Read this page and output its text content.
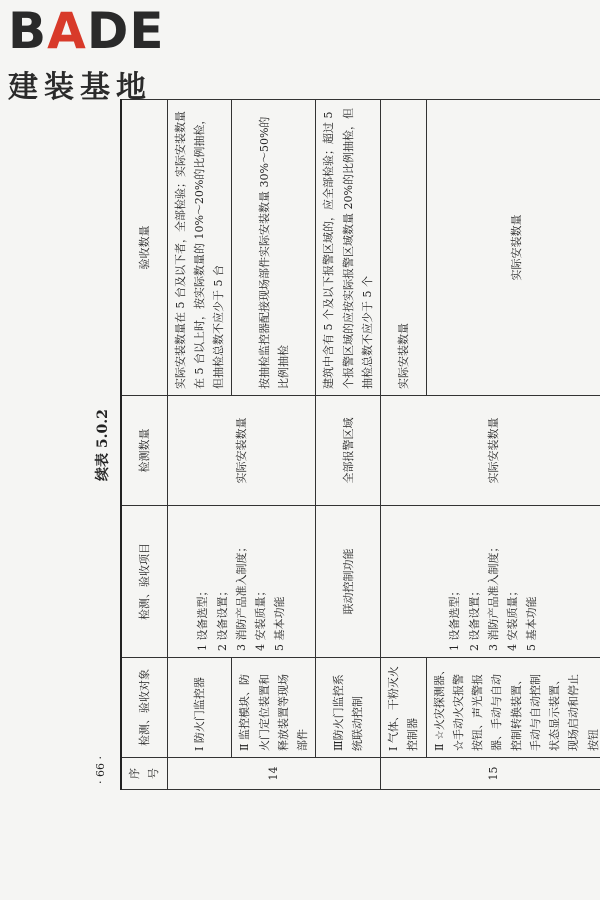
BADE
建装基地
· 66 ·
续表 5.0.2
序号	检测、验收对象	检测、验收项目	检测数量	验收数量
14	Ⅰ 防火门监控器	1 设备选型； 2 设备设置； 3 消防产品准入制度； 4 安装质量； 5 基本功能	实际安装数量	实际安装数量在 5 台及以下者，全部检验；实际安装数量在 5 台以上时，按实际数量的 10%～20%的比例抽检，但抽检总数不应少于 5 台
	Ⅱ 监控模块、防火门定位装置和释放装置等现场部件			按抽检监控器配接现场部件实际安装数量 30%～50%的比例抽检
	Ⅲ防火门监控系统联动控制	联动控制功能	全部报警区域	建筑中含有 5 个及以下报警区域的，应全部检验；超过 5 个报警区域的应按实际报警区域数量 20%的比例抽检，但抽检总数不应少于 5 个
15	Ⅰ 气体、干粉灭火控制器	1 设备选型； 2 设备设置； 3 消防产品准入制度； 4 安装质量； 5 基本功能	实际安装数量	实际安装数量
	Ⅱ ☆火灾探测器、☆手动火灾报警按钮、声光警报器、手动与自动控制转换装置、手动与自动控制状态显示装置、现场启动和停止按钮			实际安装数量
